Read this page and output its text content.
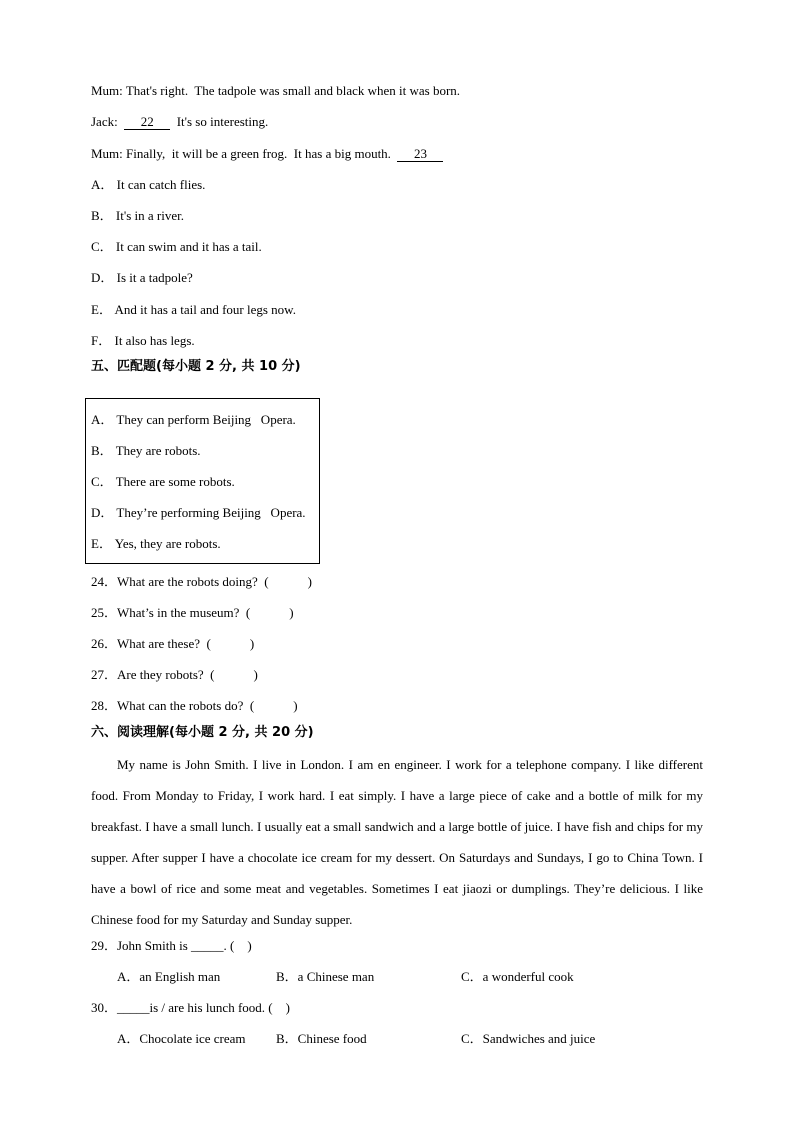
Mum: That's right.  The tadpole was small and black when it was born.
Jack: 22 It's so interesting.
Mum: Finally,  it will be a green frog.  It has a big mouth. 23
A． It can catch flies.
B． It's in a river.
C． It can swim and it has a tail.
D． Is it a tadpole?
E． And it has a tail and four legs now.
F． It also has legs.
五、匹配题(每小题 2 分, 共 10 分)
A． They can perform Beijing   Opera.
B． They are robots.
C． There are some robots.
D． They’re performing Beijing   Opera.
E． Yes, they are robots.
24．What are the robots doing?  (            )
25．What’s in the museum?  (            )
26．What are these?  (            )
27．Are they robots?  (            )
28．What can the robots do?  (            )
六、阅读理解(每小题 2 分, 共 20 分)

My name is John Smith. I live in London. I am en engineer. I work for a telephone company. I like different food. From Monday to Friday, I work hard. I eat simply. I have a large piece of cake and a bottle of milk for my breakfast. I have a small lunch. I usually eat a small sandwich and a large bottle of juice. I have fish and chips for my supper. After supper I have a chocolate ice cream for my dessert. On Saturdays and Sundays, I go to China Town. I have a bowl of rice and some meat and vegetables. Sometimes I eat jiaozi or dumplings. They’re delicious. I like Chinese food for my Saturday and Sunday supper.

29．John Smith is _____. (    )
A．an English man	B．a Chinese man	C．a wonderful cook
30．_____is / are his lunch food. (    )
A．Chocolate ice cream B．Chinese food	C．Sandwiches and juice
